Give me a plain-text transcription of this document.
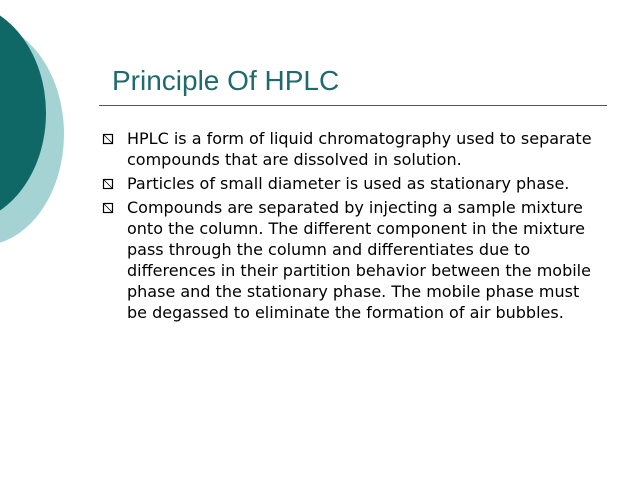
Principle Of HPLC
HPLC is a form of liquid chromatography used to separate compounds that are dissolved in solution.
Particles of small diameter is used as stationary phase.
Compounds are separated by injecting a sample mixture onto the column. The different component in the mixture pass through the column and differentiates due to differences in their partition behavior between the mobile phase and the stationary phase. The mobile phase must be degassed to eliminate the formation of air bubbles.
